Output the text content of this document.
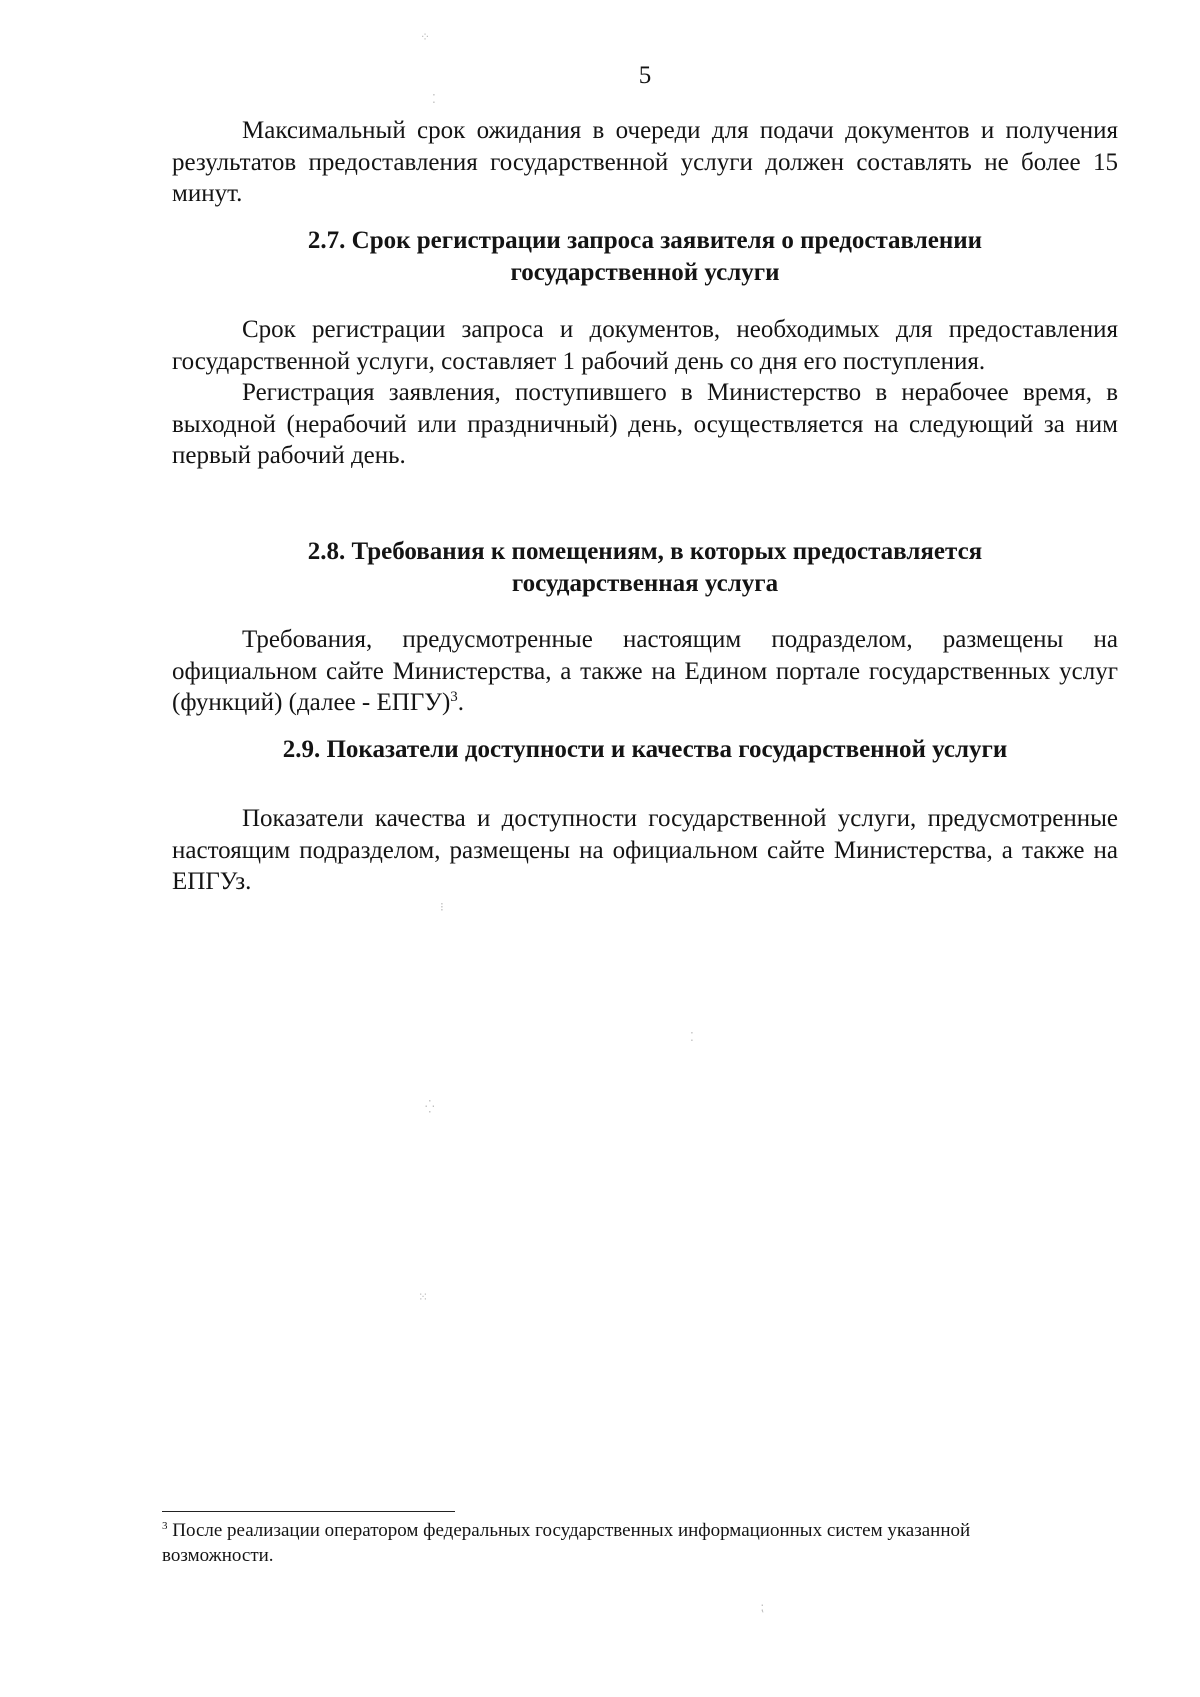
5

Максимальный срок ожидания в очереди для подачи документов и получения результатов предоставления государственной услуги должен составлять не более 15 минут.

2.7. Срок регистрации запроса заявителя о предоставлении
государственной услуги

Срок регистрации запроса и документов, необходимых для предоставления государственной услуги, составляет 1 рабочий день со дня его поступления.

Регистрация заявления, поступившего в Министерство в нерабочее время, в выходной (нерабочий или праздничный) день, осуществляется на следующий за ним первый рабочий день.

2.8. Требования к помещениям, в которых предоставляется
государственная услуга

Требования, предусмотренные настоящим подразделом, размещены на официальном сайте Министерства, а также на Едином портале государственных услуг (функций) (далее - ЕПГУ)$^3$.

2.9. Показатели доступности и качества государственной услуги

Показатели качества и доступности государственной услуги, предусмотренные настоящим подразделом, размещены на официальном сайте Министерства, а также на ЕПГУз.

$^3$ После реализации оператором федеральных государственных информационных систем указанной возможности.
⁘
⁚
⁝
⁛
⁙
⁚
⁏
